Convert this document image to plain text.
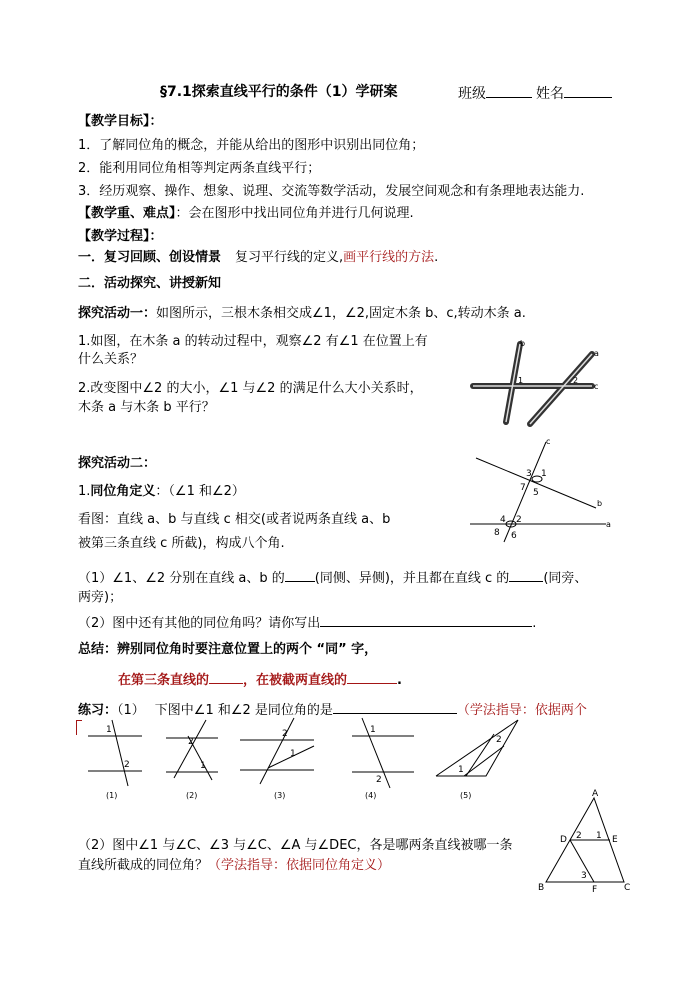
§7.1探索直线平行的条件（1）学研案	班级	姓名
【教学目标】：
1．了解同位角的概念，并能从给出的图形中识别出同位角；
2．能利用同位角相等判定两条直线平行；
3．经历观察、操作、想象、说理、交流等数学活动，发展空间观念和有条理地表达能力.
【教学重、难点】：会在图形中找出同位角并进行几何说理.
【教学过程】：
一．复习回顾、创设情景 复习平行线的定义,画平行线的方法.
二．活动探究、讲授新知
探究活动一：如图所示，三根木条相交成∠1，∠2,固定木条 b、c,转动木条 a.
1.如图，在木条 a 的转动过程中，观察∠2 有∠1 在位置上有
什么关系？
2.改变图中∠2 的大小，∠1 与∠2 的满足什么大小关系时，
木条 a 与木条 b 平行？
a
b
c
1	2
探究活动二：
1.同位角定义：（∠1 和∠2）
看图：直线 a、b 与直线 c 相交(或者说两条直线 a、b
被第三条直线 c 所截)，构成八个角.
c
3 1
7 5
b
4 2
8 6
a
（1）∠1、∠2 分别在直线 a、b 的 (同侧、异侧)，并且都在直线 c 的	(同旁、
两旁)；
（2）图中还有其他的同位角吗？请你写出	.
总结：辨别同位角时要注意位置上的两个 “同” 字，
在第三条直线的	，在被截两直线的	.
练习：（1） 下图中∠1 和∠2 是同位角的是	（学法指导：依据两个
1
2
2
1
2
1
1
2
2
1
(1)	(2)	(3)	(4)	(5)	A
D 2 1 E
3
B	F	C
（2）图中∠1 与∠C、∠3 与∠C、∠A 与∠DEC，各是哪两条直线被哪一条
直线所截成的同位角？（学法指导：依据同位角定义）
